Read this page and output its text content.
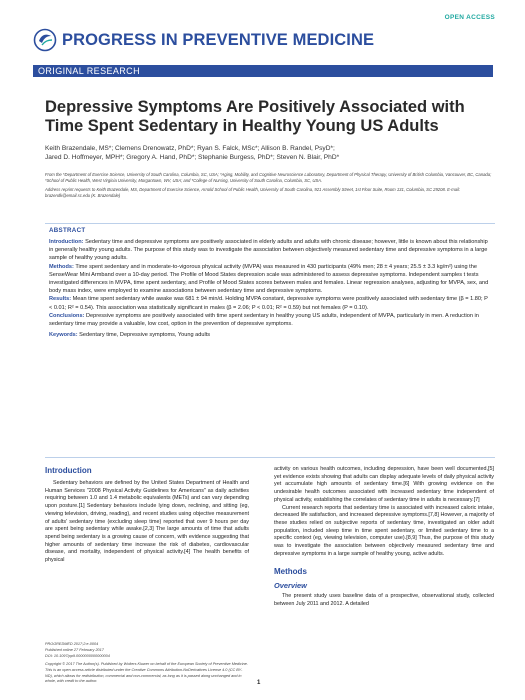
OPEN ACCESS
PROGRESS IN PREVENTIVE MEDICINE
ORIGINAL RESEARCH
Depressive Symptoms Are Positively Associated with Time Spent Sedentary in Healthy Young US Adults
Keith Brazendale, MS*; Clemens Drenowatz, PhD*; Ryan S. Falck, MSc*; Allison B. Randel, PsyD*;
Jared D. Hoffmeyer, MPH*; Gregory A. Hand, PhD*; Stephanie Burgess, PhD*; Steven N. Blair, PhD*
From the *Department of Exercise Science, University of South Carolina, Columbia, SC, USA; *Aging, Mobility, and Cognitive Neuroscience Laboratory, Department of Physical Therapy, University of British Columbia, Vancouver, BC, Canada; *School of Public Health, West Virginia University, Morgantown, WV, USA; and *College of Nursing, University of South Carolina, Columbia, SC, USA.
Address reprint requests to Keith Brazendale, MS, Department of Exercise Science, Arnold School of Public Health, University of South Carolina, 921 Assembly Street, 1st Floor Suite, Room 131, Columbia, SC 29208. E-mail: brazendk@email.sc.edu (K. Brazendale)
ABSTRACT
Introduction: Sedentary time and depressive symptoms are positively associated in elderly adults and adults with chronic disease; however, little is known about this relationship in generally healthy young adults. The purpose of this study was to investigate the association between objectively measured sedentary time and depressive symptoms in a large sample of healthy young adults.
Methods: Time spent sedentary and in moderate-to-vigorous physical activity (MVPA) was measured in 430 participants (49% men; 28 ± 4 years; 25.5 ± 3.3 kg/m²) using the SenseWear Mini Armband over a 10-day period. The Profile of Mood States depression scale was administered to assess depressive symptoms. Independent samples t tests investigated differences in MVPA, time spent sedentary, and Profile of Mood States scores between males and females. Linear regression analyses, adjusting for MVPA, sex, and body mass index, were employed to examine associations between sedentary time and depressive symptoms.
Results: Mean time spent sedentary while awake was 681 ± 94 min/d. Holding MVPA constant, depressive symptoms were positively associated with sedentary time (β = 1.80; P < 0.01; R² = 0.54). This association was statistically significant in males (β = 2.06; P < 0.01; R² = 0.59) but not females (P = 0.10).
Conclusions: Depressive symptoms are positively associated with time spent sedentary in healthy young US adults, independent of MVPA, particularly in men. A reduction in sedentary time may provide a valuable, low cost, option in the prevention of depressive symptoms.
Keywords: Sedentary time, Depressive symptoms, Young adults
Introduction

Sedentary behaviors are defined by the United States Department of Health and Human Services "2008 Physical Activity Guidelines for Americans" as daily activities requiring between 1.0 and 1.4 metabolic equivalents (METs) and can vary depending upon posture.[1] Sedentary behaviors include lying down, reclining, and sitting (eg, viewing television, driving, reading), and recent studies using objective measurement of adults' sedentary time (excluding sleep time) reported that over 9 hours per day are spent being sedentary while awake.[2,3] The large amounts of time that adults spend being sedentary is a growing cause of concern, with evidence suggesting that higher amounts of sedentary time increase the risk of diabetes, cardiovascular disease, and mortality, independent of physical activity.[4] The health benefits of physical

PROGREDMED 2017;2:e-0004
Published online 27 February 2017
DOI: 10.1097/pp9.0000000000000004
Copyright © 2017 The Author(s). Published by Wolters Kluwer on behalf of the European Society of Preventive Medicine. This is an open access article distributed under the Creative Commons Attribution-NoDerivatives License 4.0 (CC BY-ND), which allows for redistribution, commercial and non-commercial, as long as it is passed along unchanged and in whole, with credit to the author.

activity on various health outcomes, including depression, have been well documented,[5] yet evidence exists showing that adults can display adequate levels of daily physical activity yet accumulate high amounts of sedentary time.[6] With growing evidence on the undesirable health outcomes associated with increased sedentary time independent of physical activity, establishing the correlates of sedentary time in adults is necessary.[7]

Current research reports that sedentary time is associated with increased caloric intake, decreased life satisfaction, and increased depressive symptoms.[7,8] However, a majority of these studies relied on subjective reports of sedentary time, investigated an older adult population, included sleep time in time spent sedentary, or limited sedentary time to a specific context (eg, viewing television, computer use).[8,9] Thus, the purpose of this study was to investigate the association between objectively measured sedentary time and depressive symptoms in a large sample of healthy young, active adults.

Methods
Overview

The present study uses baseline data of a prospective, observational study, collected between July 2011 and 2012. A detailed

1
